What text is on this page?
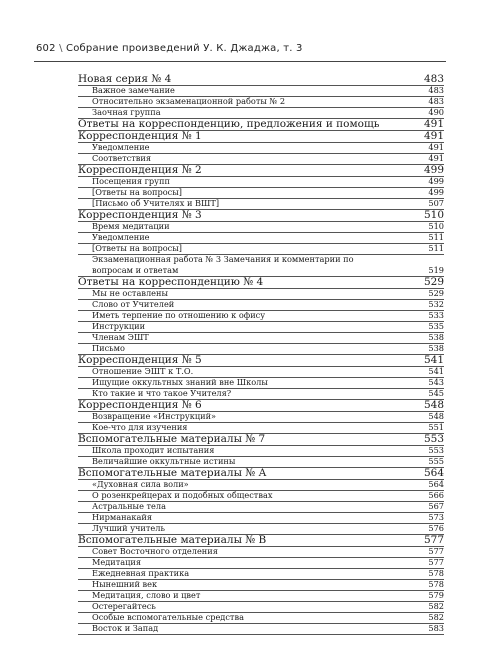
602 \ Собрание произведений У. К. Джаджа, т. 3
Новая серия № 4	483
Важное замечание	483
Относительно экзаменационной работы № 2	483
Заочная группа	490
Ответы на корреспонденцию, предложения и помощь	491
Корреспонденция № 1	491
Уведомление	491
Соответствия	491
Корреспонденция № 2	499
Посещения групп	499
[Ответы на вопросы]	499
[Письмо об Учителях и ВШТ]	507
Корреспонденция № 3	510
Время медитации	510
Уведомление	511
[Ответы на вопросы]	511
Экзаменационная работа № 3 Замечания и комментарии по вопросам и ответам	519
Ответы на корреспонденцию № 4	529
Мы не оставлены	529
Слово от Учителей	532
Иметь терпение по отношению к офису	533
Инструкции	535
Членам ЭШТ	538
Письмо	538
Корреспонденция № 5	541
Отношение ЭШТ к Т.О.	541
Ищущие оккультных знаний вне Школы	543
Кто такие и что такое Учителя?	545
Корреспонденция № 6	548
Возвращение «Инструкций»	548
Кое-что для изучения	551
Вспомогательные материалы № 7	553
Школа проходит испытания	553
Величайшие оккультные истины	555
Вспомогательные материалы № А	564
«Духовная сила воли»	564
О розенкрейцерах и подобных обществах	566
Астральные тела	567
Нирманакайя	573
Лучший учитель	576
Вспомогательные материалы № В	577
Совет Восточного отделения	577
Медитация	577
Ежедневная практика	578
Нынешний век	578
Медитация, слово и цвет	579
Остерегайтесь	582
Особые вспомогательные средства	582
Восток и Запад	583
